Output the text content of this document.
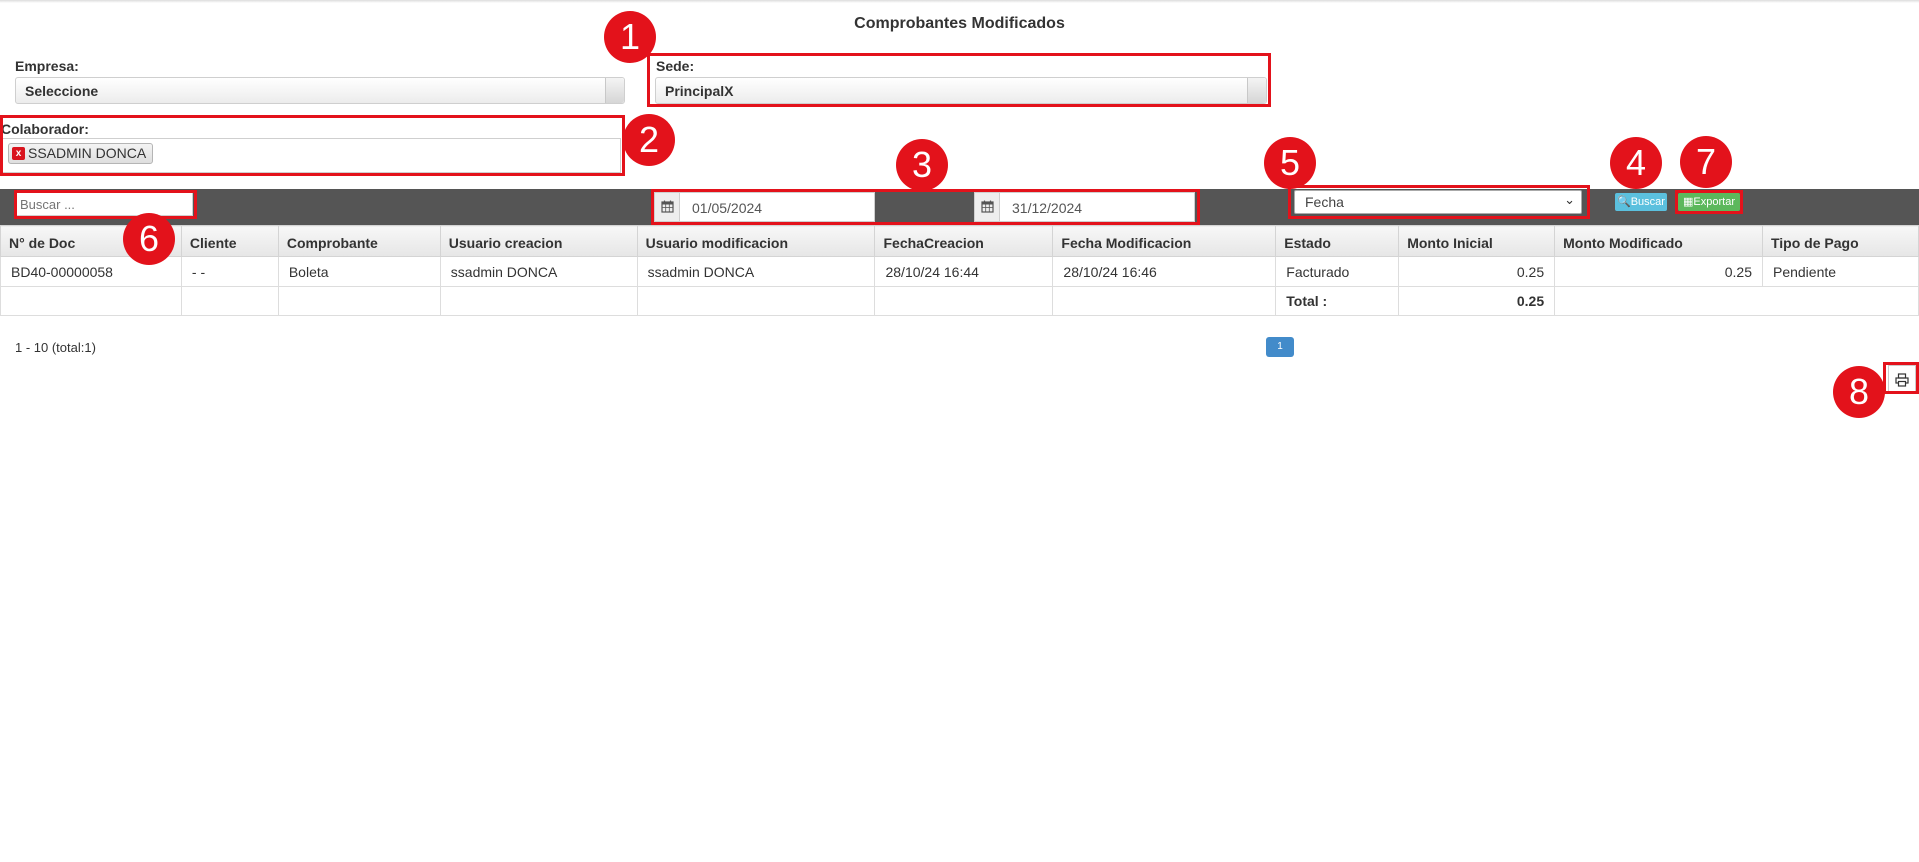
Comprobantes Modificados
Empresa:
Seleccione
Sede:
PrincipalX
Colaborador:
x SSADMIN DONCA
Buscar ...
01/05/2024	31/12/2024	Fecha	⌄	🔍Buscar	▦Exportar
N° de Doc	Cliente	Comprobante	Usuario creacion	Usuario modificacion	FechaCreacion	Fecha Modificacion	Estado	Monto Inicial	Monto Modificado	Tipo de Pago
BD40-00000058	- -	Boleta	ssadmin DONCA	ssadmin DONCA	28/10/24 16:44	28/10/24 16:46	Facturado	0.25	0.25	Pendiente
							Total :	0.25		
1 - 10 (total:1)	1
1
2
3	4
5
6
7
8
